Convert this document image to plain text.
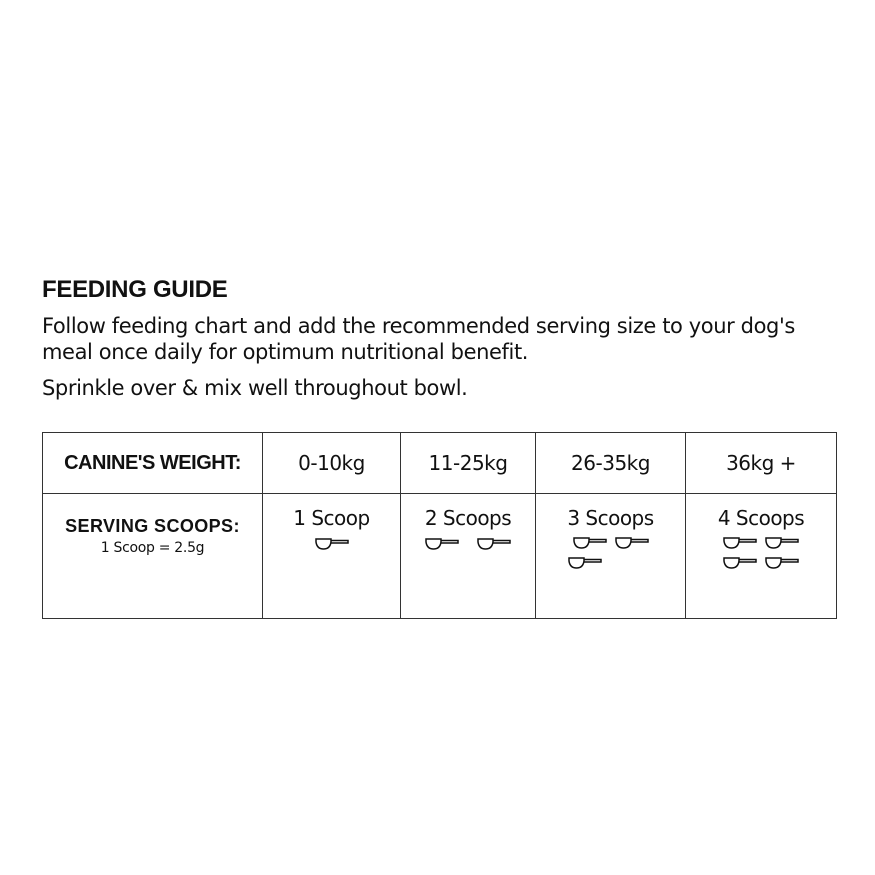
FEEDING GUIDE

Follow feeding chart and add the recommended serving size to your dog's meal once daily for optimum nutritional benefit.

Sprinkle over & mix well throughout bowl.

CANINE'S WEIGHT:	0-10kg	11-25kg	26-35kg	36kg +
SERVING SCOOPS:
1 Scoop = 2.5g	1 Scoop	2 Scoops	3 Scoops	4 Scoops
